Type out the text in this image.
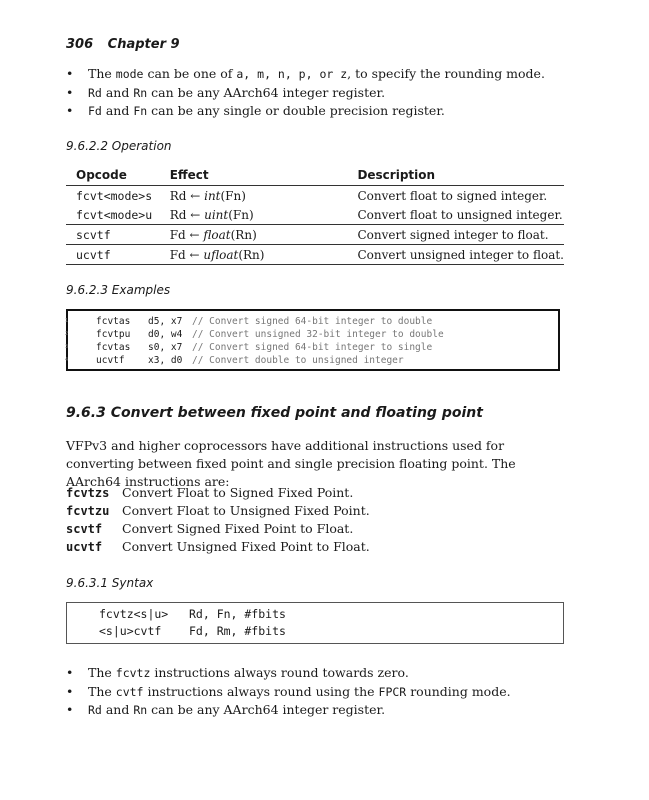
306 Chapter 9
• The mode can be one of a, m, n, p, or z, to specify the rounding mode.
• Rd and Rn can be any AArch64 integer register.
• Fd and Fn can be any single or double precision register.
9.6.2.2 Operation
Opcode	Effect	Description
fcvt<mode>s	Rd ← int(Fn)	Convert float to signed integer.
fcvt<mode>u	Rd ← uint(Fn)	Convert float to unsigned integer.
scvtf	Fd ← float(Rn)	Convert signed integer to float.
ucvtf	Fd ← ufloat(Rn)	Convert unsigned integer to float.
9.6.2.3 Examples
1	fcvtas d5, x7 // Convert signed 64-bit integer to double
2	fcvtpu d0, w4 // Convert unsigned 32-bit integer to double
3	fcvtas s0, x7 // Convert signed 64-bit integer to single
4	ucvtf x3, d0 // Convert double to unsigned integer
9.6.3 Convert between fixed point and floating point
VFPv3 and higher coprocessors have additional instructions used for converting between fixed point and single precision floating point. The AArch64 instructions are:
fcvtzs Convert Float to Signed Fixed Point.
fcvtzu Convert Float to Unsigned Fixed Point.
scvtf Convert Signed Fixed Point to Float.
ucvtf Convert Unsigned Fixed Point to Float.
9.6.3.1 Syntax
fcvtz<s|u> Rd, Fn, #fbits
<s|u>cvtf Fd, Rm, #fbits
• The fcvtz instructions always round towards zero.
• The cvtf instructions always round using the FPCR rounding mode.
• Rd and Rn can be any AArch64 integer register.
